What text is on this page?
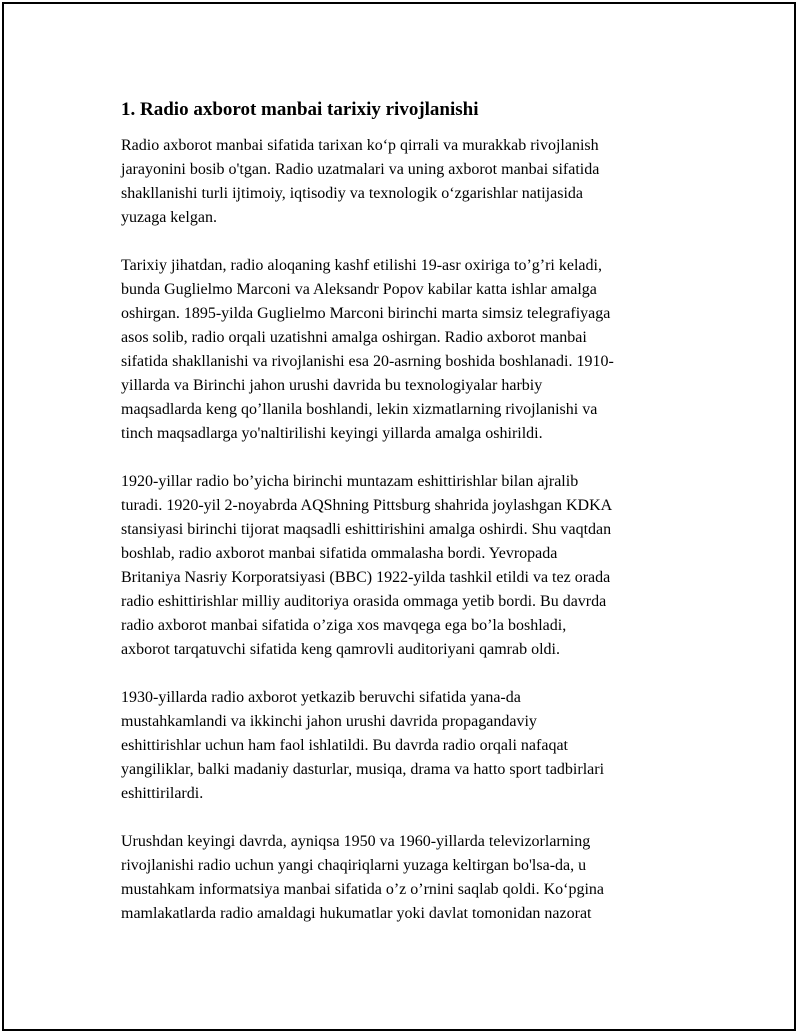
1. Radio axborot manbai tarixiy rivojlanishi

Radio axborot manbai sifatida tarixan ko‘p qirrali va murakkab rivojlanish
jarayonini bosib o'tgan. Radio uzatmalari va uning axborot manbai sifatida
shakllanishi turli ijtimoiy, iqtisodiy va texnologik o‘zgarishlar natijasida
yuzaga kelgan.

Tarixiy jihatdan, radio aloqaning kashf etilishi 19-asr oxiriga to’g’ri keladi,
bunda Guglielmo Marconi va Aleksandr Popov kabilar katta ishlar amalga
oshirgan. 1895-yilda Guglielmo Marconi birinchi marta simsiz telegrafiyaga
asos solib, radio orqali uzatishni amalga oshirgan. Radio axborot manbai
sifatida shakllanishi va rivojlanishi esa 20-asrning boshida boshlanadi. 1910-
yillarda va Birinchi jahon urushi davrida bu texnologiyalar harbiy
maqsadlarda keng qo’llanila boshlandi, lekin xizmatlarning rivojlanishi va
tinch maqsadlarga yo'naltirilishi keyingi yillarda amalga oshirildi.

1920-yillar radio bo’yicha birinchi muntazam eshittirishlar bilan ajralib
turadi. 1920-yil 2-noyabrda AQShning Pittsburg shahrida joylashgan KDKA
stansiyasi birinchi tijorat maqsadli eshittirishini amalga oshirdi. Shu vaqtdan
boshlab, radio axborot manbai sifatida ommalasha bordi. Yevropada
Britaniya Nasriy Korporatsiyasi (BBC) 1922-yilda tashkil etildi va tez orada
radio eshittirishlar milliy auditoriya orasida ommaga yetib bordi. Bu davrda
radio axborot manbai sifatida o’ziga xos mavqega ega bo’la boshladi,
axborot tarqatuvchi sifatida keng qamrovli auditoriyani qamrab oldi.

1930-yillarda radio axborot yetkazib beruvchi sifatida yana-da
mustahkamlandi va ikkinchi jahon urushi davrida propagandaviy
eshittirishlar uchun ham faol ishlatildi. Bu davrda radio orqali nafaqat
yangiliklar, balki madaniy dasturlar, musiqa, drama va hatto sport tadbirlari
eshittirilardi.

Urushdan keyingi davrda, ayniqsa 1950 va 1960-yillarda televizorlarning
rivojlanishi radio uchun yangi chaqiriqlarni yuzaga keltirgan bo'lsa-da, u
mustahkam informatsiya manbai sifatida o’z o’rnini saqlab qoldi. Ko‘pgina
mamlakatlarda radio amaldagi hukumatlar yoki davlat tomonidan nazorat
